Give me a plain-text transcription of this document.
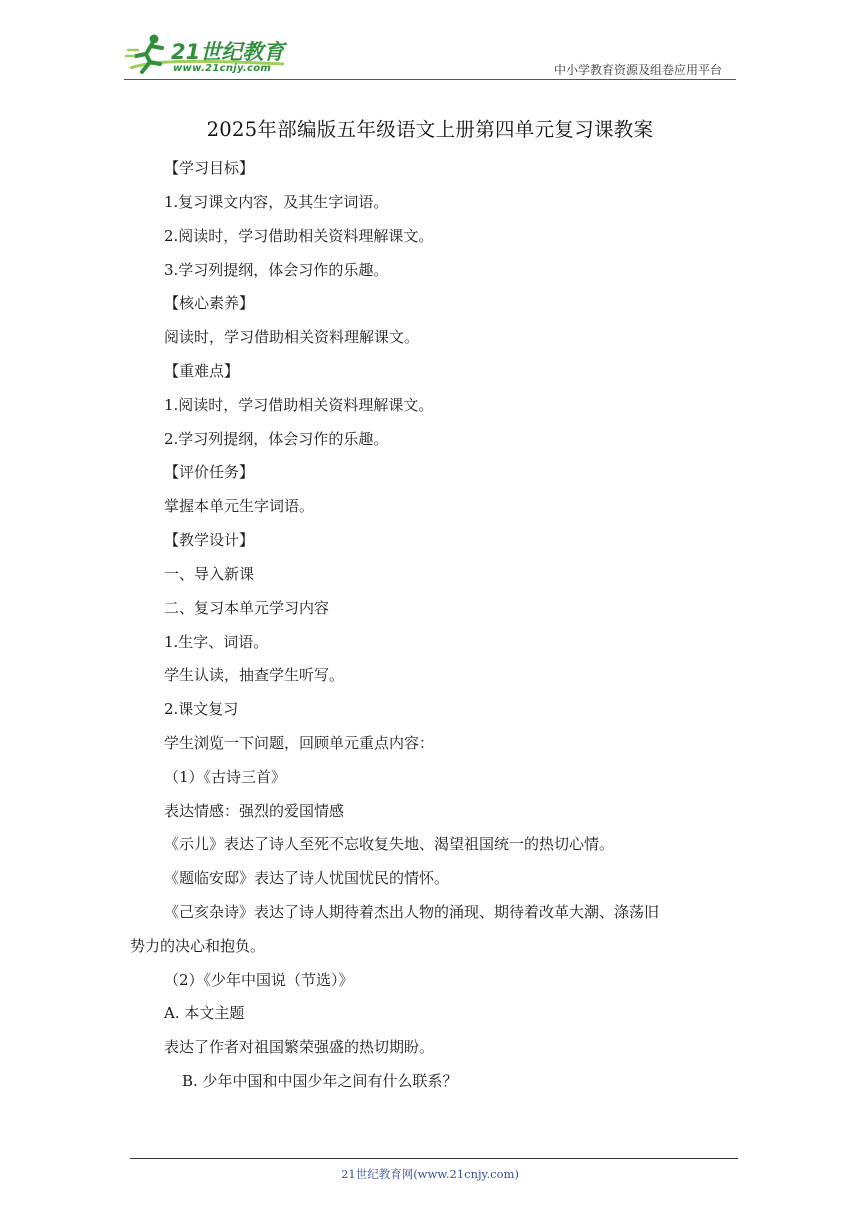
21世纪教育
www.21cnjy.com	中小学教育资源及组卷应用平台
2025年部编版五年级语文上册第四单元复习课教案
【学习目标】
1.复习课文内容，及其生字词语。
2.阅读时，学习借助相关资料理解课文。
3.学习列提纲，体会习作的乐趣。
【核心素养】
阅读时，学习借助相关资料理解课文。
【重难点】
1.阅读时，学习借助相关资料理解课文。
2.学习列提纲，体会习作的乐趣。
【评价任务】
掌握本单元生字词语。
【教学设计】
一、导入新课
二、复习本单元学习内容
1.生字、词语。
学生认读，抽查学生听写。
2.课文复习
学生浏览一下问题，回顾单元重点内容：
（1）《古诗三首》
表达情感：强烈的爱国情感
《示儿》表达了诗人至死不忘收复失地、渴望祖国统一的热切心情。
《题临安邸》表达了诗人忧国忧民的情怀。
《己亥杂诗》表达了诗人期待着杰出人物的涌现、期待着改革大潮、涤荡旧
势力的决心和抱负。
（2）《少年中国说（节选）》
A. 本文主题
表达了作者对祖国繁荣强盛的热切期盼。
B. 少年中国和中国少年之间有什么联系？
21世纪教育网(www.21cnjy.com)
